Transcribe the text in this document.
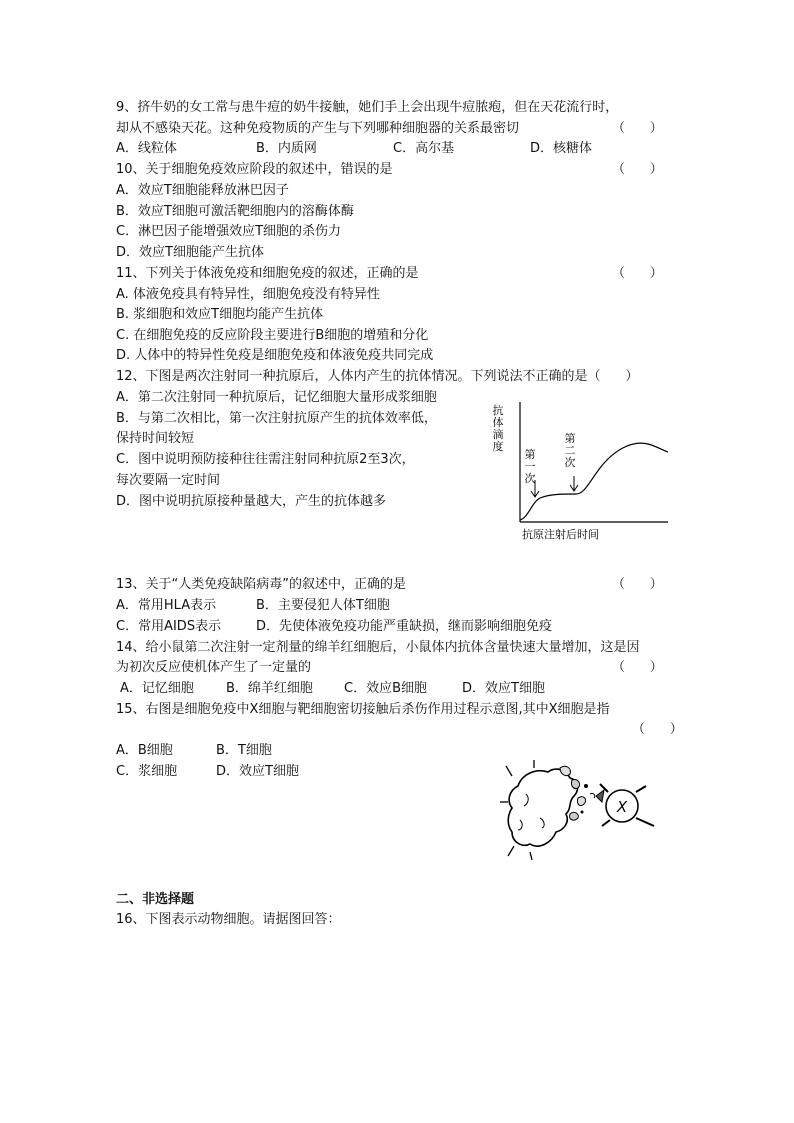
9、挤牛奶的女工常与患牛痘的奶牛接触，她们手上会出现牛痘脓疱，但在天花流行时，
却从不感染天花。这种免疫物质的产生与下列哪种细胞器的关系最密切	（      ）
A．线粒体	B．内质网	C．高尔基	D．核糖体
10、关于细胞免疫效应阶段的叙述中，错误的是	（      ）
A．效应T细胞能释放淋巴因子
B．效应T细胞可激活靶细胞内的溶酶体酶
C．淋巴因子能增强效应T细胞的杀伤力
D．效应T细胞能产生抗体
11、下列关于体液免疫和细胞免疫的叙述，正确的是	（      ）
A. 体液免疫具有特异性，细胞免疫没有特异性
B. 浆细胞和效应T细胞均能产生抗体
C. 在细胞免疫的反应阶段主要进行B细胞的增殖和分化
D. 人体中的特异性免疫是细胞免疫和体液免疫共同完成
12、下图是两次注射同一种抗原后，人体内产生的抗体情况。下列说法不正确的是（      ）
A．第二次注射同一种抗原后，记忆细胞大量形成浆细胞
B．与第二次相比，第一次注射抗原产生的抗体效率低，
保持时间较短
C．图中说明预防接种往往需注射同种抗原2至3次，
每次要隔一定时间
D．图中说明抗原接种量越大，产生的抗体越多
抗体滴度
第一次
第二次
抗原注射后时间
13、关于“人类免疫缺陷病毒”的叙述中，正确的是	（      ）
A．常用HLA表示	B．主要侵犯人体T细胞
C．常用AIDS表示	D．先使体液免疫功能严重缺损，继而影响细胞免疫
14、给小鼠第二次注射一定剂量的绵羊红细胞后，小鼠体内抗体含量快速大量增加，这是因
为初次反应使机体产生了一定量的	（      ）
A．记忆细胞 B．绵羊红细胞 C．效应B细胞	D．效应T细胞
15、右图是细胞免疫中X细胞与靶细胞密切接触后杀伤作用过程示意图,其中X细胞是指
（      ）
A．B细胞	B．T细胞
C．浆细胞	D．效应T细胞
X
二、非选择题
16、下图表示动物细胞。请据图回答：
